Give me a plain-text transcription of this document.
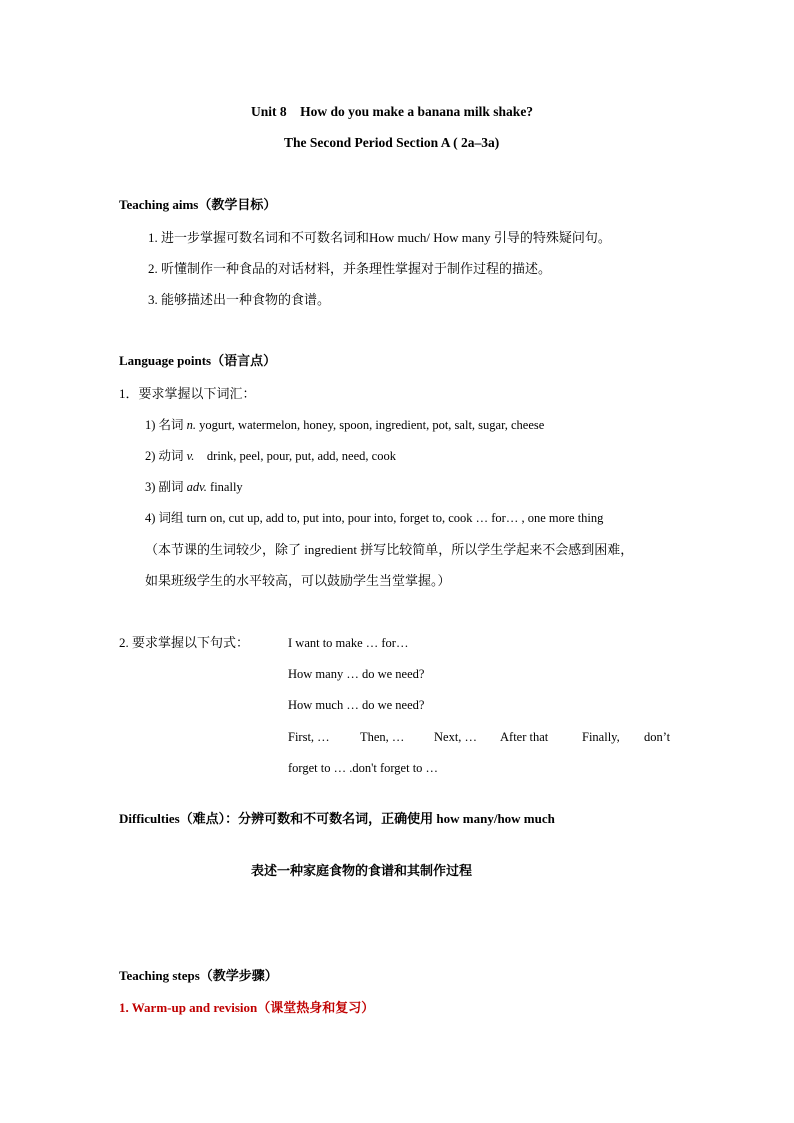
Unit 8　How do you make a banana milk shake?
The Second Period Section A ( 2a–3a)
Teaching aims（教学目标）
1. 进一步掌握可数名词和不可数名词和How much/ How many 引导的特殊疑问句。
2. 听懂制作一种食品的对话材料，并条理性掌握对于制作过程的描述。
3. 能够描述出一种食物的食谱。
Language points（语言点）
1．要求掌握以下词汇：
1) 名词 n. yogurt, watermelon, honey, spoon, ingredient, pot, salt, sugar, cheese
2) 动词 v.    drink, peel, pour, put, add, need, cook
3) 副词 adv. finally
4) 词组 turn on, cut up, add to, put into, pour into, forget to, cook … for… , one more thing
（本节课的生词较少，除了 ingredient 拼写比较简单，所以学生学起来不会感到困难，
如果班级学生的水平较高，可以鼓励学生当堂掌握。）
2. 要求掌握以下句式：	I want to make … for…
How many … do we need?
How much … do we need?
First, … Then, … Next, … After that	Finally, don’t
forget to … .don't forget to …
Difficulties（难点）：分辨可数和不可数名词，正确使用 how many/how much
表述一种家庭食物的食谱和其制作过程
Teaching steps（教学步骤）
1. Warm-up and revision（课堂热身和复习）
